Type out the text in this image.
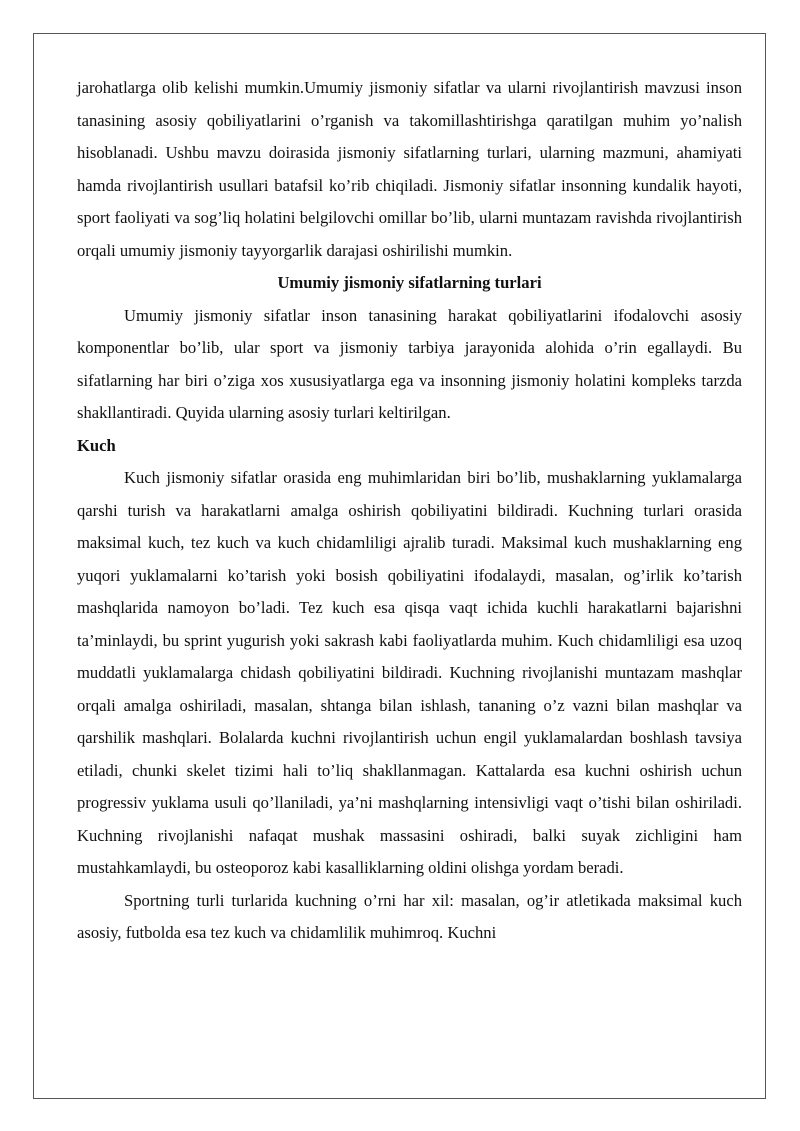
jarohatlarga olib kelishi mumkin.Umumiy jismoniy sifatlar va ularni rivojlantirish mavzusi inson tanasining asosiy qobiliyatlarini o’rganish va takomillashtirishga qaratilgan muhim yo’nalish hisoblanadi. Ushbu mavzu doirasida jismoniy sifatlarning turlari, ularning mazmuni, ahamiyati hamda rivojlantirish usullari batafsil ko’rib chiqiladi. Jismoniy sifatlar insonning kundalik hayoti, sport faoliyati va sog’liq holatini belgilovchi omillar bo’lib, ularni muntazam ravishda rivojlantirish orqali umumiy jismoniy tayyorgarlik darajasi oshirilishi mumkin.

Umumiy jismoniy sifatlarning turlari

Umumiy jismoniy sifatlar inson tanasining harakat qobiliyatlarini ifodalovchi asosiy komponentlar bo’lib, ular sport va jismoniy tarbiya jarayonida alohida o’rin egallaydi. Bu sifatlarning har biri o’ziga xos xususiyatlarga ega va insonning jismoniy holatini kompleks tarzda shakllantiradi. Quyida ularning asosiy turlari keltirilgan.

Kuch

Kuch jismoniy sifatlar orasida eng muhimlaridan biri bo’lib, mushaklarning yuklamalarga qarshi turish va harakatlarni amalga oshirish qobiliyatini bildiradi. Kuchning turlari orasida maksimal kuch, tez kuch va kuch chidamliligi ajralib turadi. Maksimal kuch mushaklarning eng yuqori yuklamalarni ko’tarish yoki bosish qobiliyatini ifodalaydi, masalan, og’irlik ko’tarish mashqlarida namoyon bo’ladi. Tez kuch esa qisqa vaqt ichida kuchli harakatlarni bajarishni ta’minlaydi, bu sprint yugurish yoki sakrash kabi faoliyatlarda muhim. Kuch chidamliligi esa uzoq muddatli yuklamalarga chidash qobiliyatini bildiradi. Kuchning rivojlanishi muntazam mashqlar orqali amalga oshiriladi, masalan, shtanga bilan ishlash, tananing o’z vazni bilan mashqlar va qarshilik mashqlari. Bolalarda kuchni rivojlantirish uchun engil yuklamalardan boshlash tavsiya etiladi, chunki skelet tizimi hali to’liq shakllanmagan. Kattalarda esa kuchni oshirish uchun progressiv yuklama usuli qo’llaniladi, ya’ni mashqlarning intensivligi vaqt o’tishi bilan oshiriladi. Kuchning rivojlanishi nafaqat mushak massasini oshiradi, balki suyak zichligini ham mustahkamlaydi, bu osteoporoz kabi kasalliklarning oldini olishga yordam beradi.

Sportning turli turlarida kuchning o’rni har xil: masalan, og’ir atletikada maksimal kuch asosiy, futbolda esa tez kuch va chidamlilik muhimroq. Kuchni
